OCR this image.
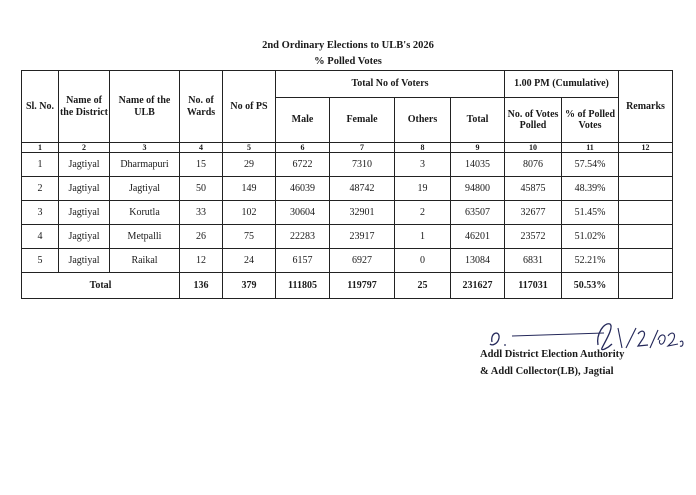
2nd Ordinary Elections to ULB's 2026
% Polled Votes
Sl. No.	Name of the District	Name of the ULB	No. of Wards	No of PS	Total No of Voters				1.00 PM (Cumulative)		Remarks
					Male	Female	Others	Total	No. of Votes Polled	% of Polled Votes	
1	2	3	4	5	6	7	8	9	10	11	12
1	Jagtiyal	Dharmapuri	15	29	6722	7310	3	14035	8076	57.54%	
2	Jagtiyal	Jagtiyal	50	149	46039	48742	19	94800	45875	48.39%	
3	Jagtiyal	Korutla	33	102	30604	32901	2	63507	32677	51.45%	
4	Jagtiyal	Metpalli	26	75	22283	23917	1	46201	23572	51.02%	
5	Jagtiyal	Raikal	12	24	6157	6927	0	13084	6831	52.21%	
Total			136	379	111805	119797	25	231627	117031	50.53%	
Addl District Election Authority
& Addl Collector(LB), Jagtial
